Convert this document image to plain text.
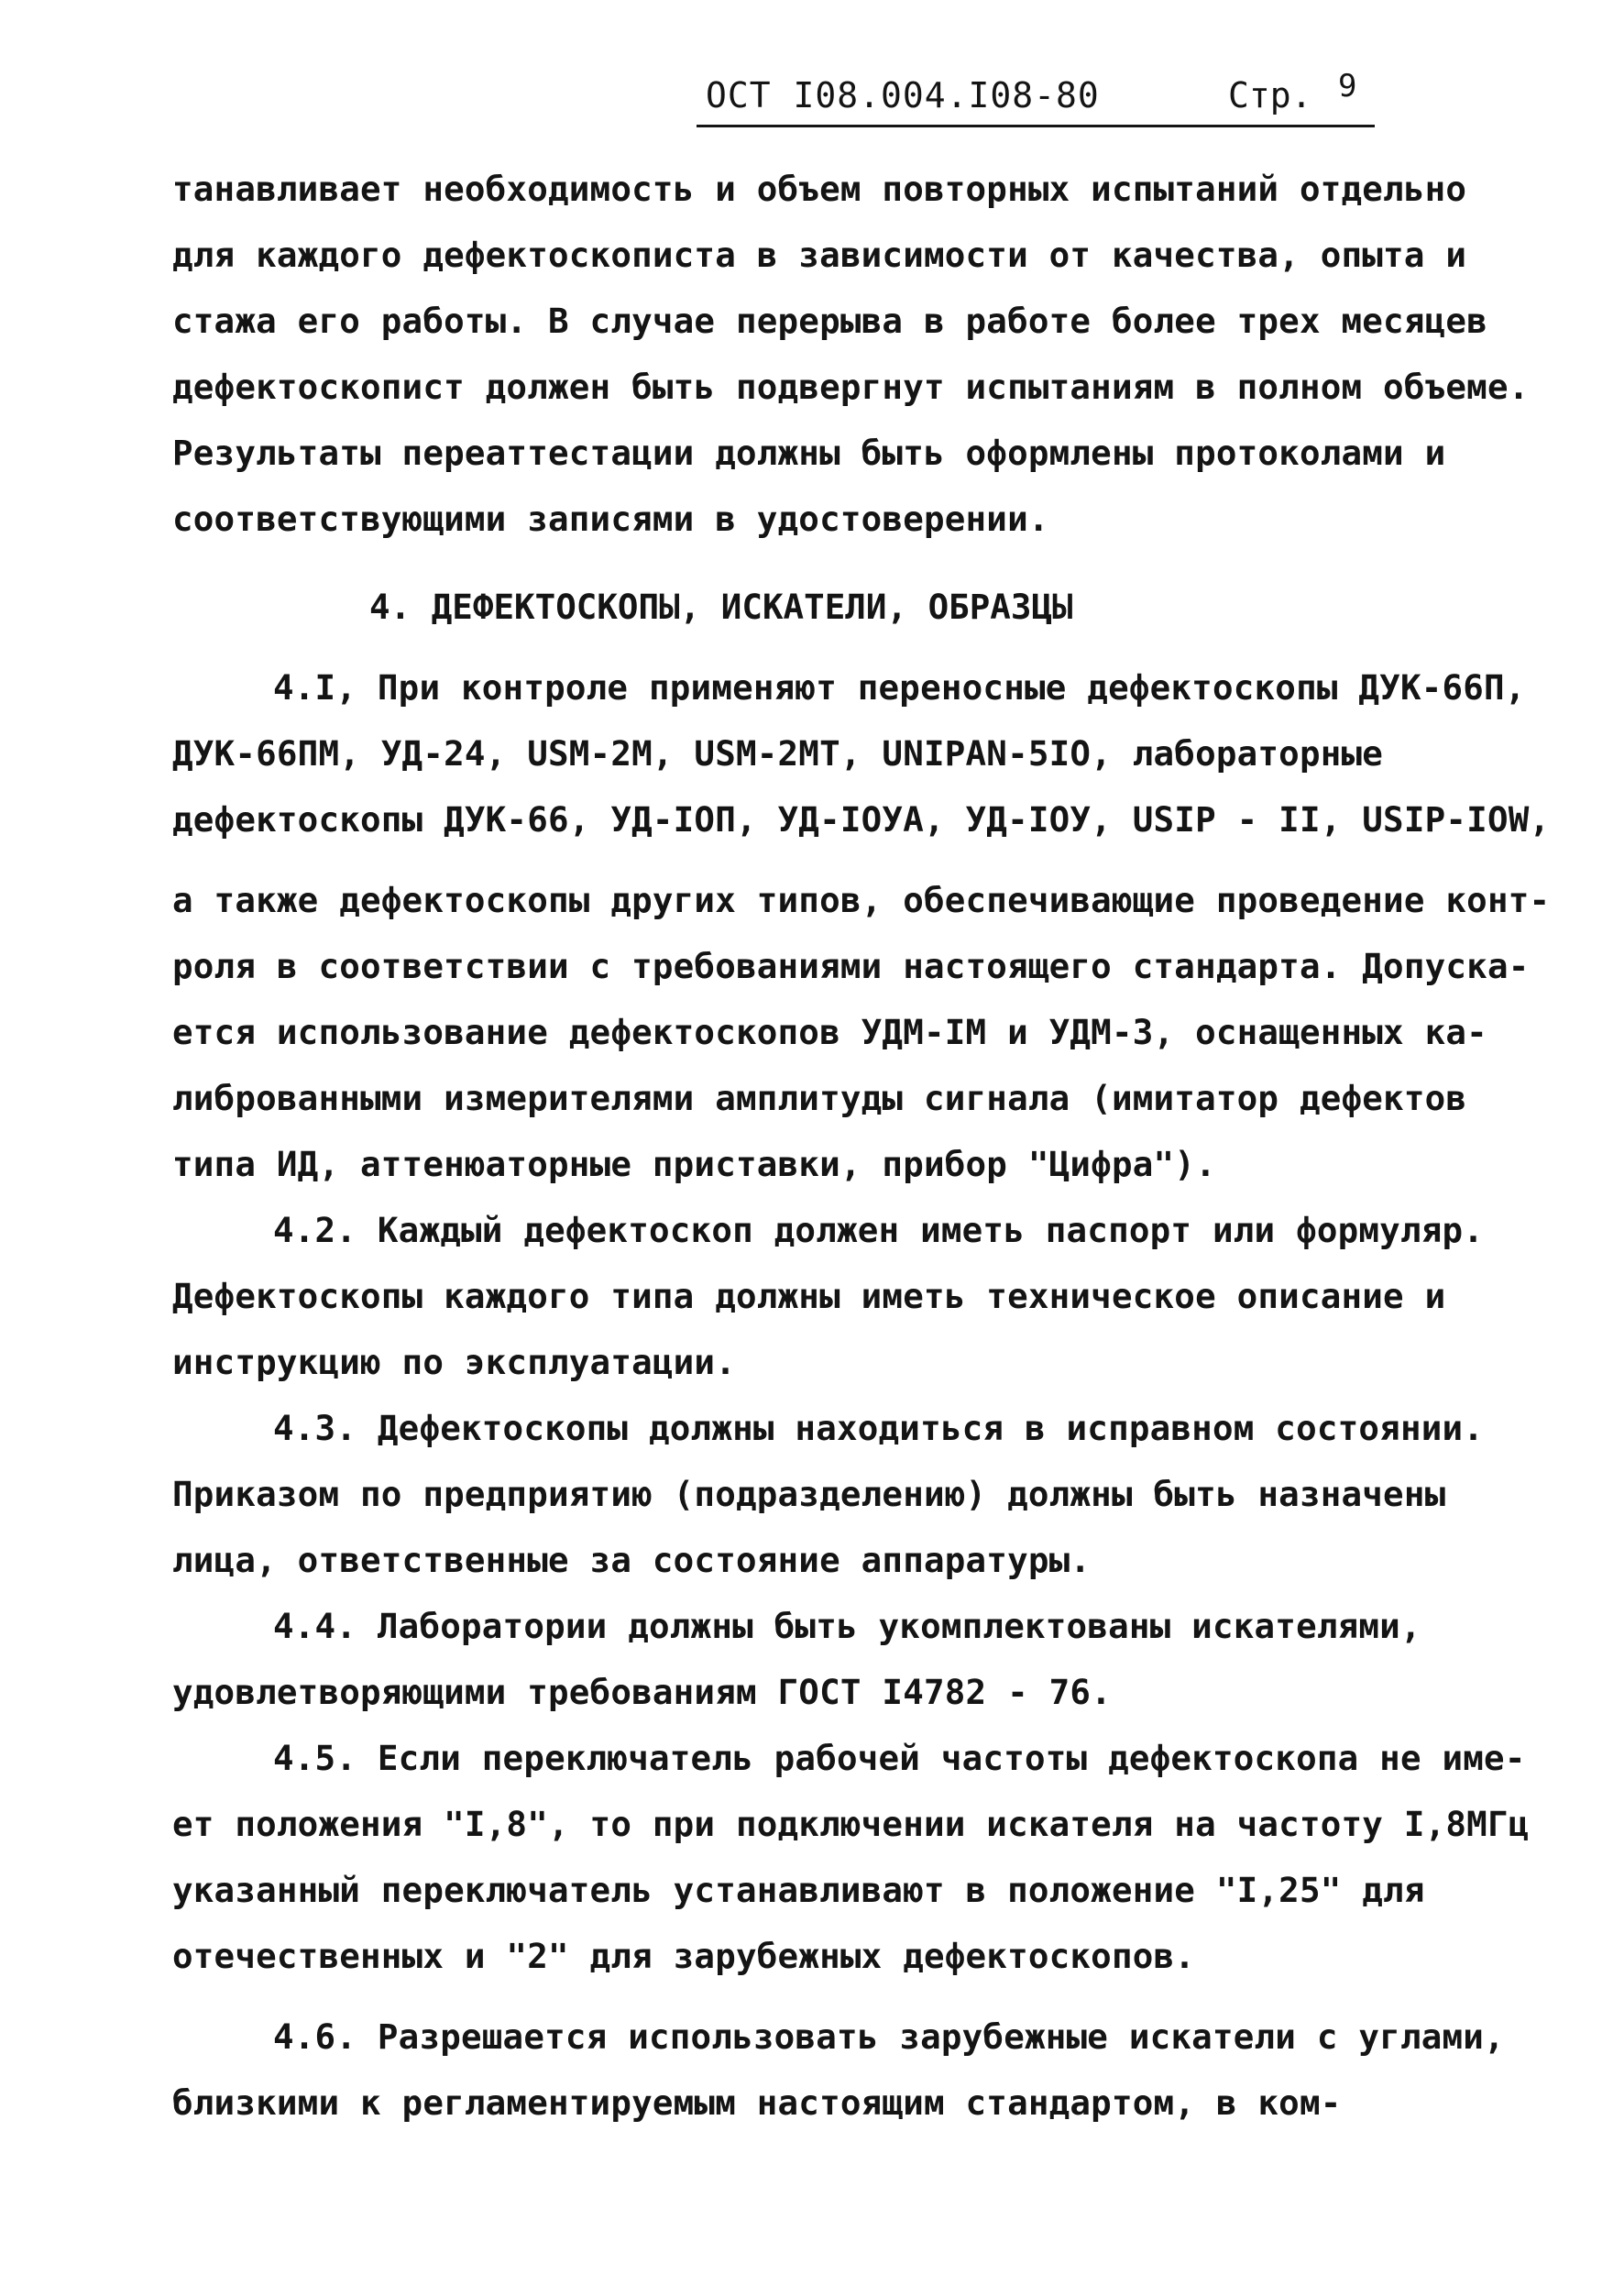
ОСТ I08.004.I08-80	Стр. 9
танавливает необходимость и объем повторных испытаний отдельно
для каждого дефектоскописта в зависимости от качества, опыта и
стажа его работы. В случае перерыва в работе более трех месяцев
дефектоскопист должен быть подвергнут испытаниям в полном объеме.
Результаты переаттестации должны быть оформлены протоколами и
соответствующими записями в удостоверении.
4. ДЕФЕКТОСКОПЫ, ИСКАТЕЛИ, ОБРАЗЦЫ
4.I, При контроле применяют переносные дефектоскопы ДУК-66П,
ДУК-66ПМ, УД-24, USM-2М, USM-2МТ, UNIPAN-5IO, лабораторные
дефектоскопы ДУК-66, УД-IOП, УД-IOУА, УД-IOУ, USIP - II, USIP-IOW,
а также дефектоскопы других типов, обеспечивающие проведение конт-
роля в соответствии с требованиями настоящего стандарта. Допуска-
ется использование дефектоскопов УДМ-IМ и УДМ-3, оснащенных ка-
либрованными измерителями амплитуды сигнала (имитатор дефектов
типа ИД, аттенюаторные приставки, прибор "Цифра").
4.2. Каждый дефектоскоп должен иметь паспорт или формуляр.
Дефектоскопы каждого типа должны иметь техническое описание и
инструкцию по эксплуатации.
4.3. Дефектоскопы должны находиться в исправном состоянии.
Приказом по предприятию (подразделению) должны быть назначены
лица, ответственные за состояние аппаратуры.
4.4. Лаборатории должны быть укомплектованы искателями,
удовлетворяющими требованиям ГОСТ I4782 - 76.
4.5. Если переключатель рабочей частоты дефектоскопа не име-
ет положения "I,8", то при подключении искателя на частоту I,8МГц
указанный переключатель устанавливают в положение "I,25" для
отечественных и "2" для зарубежных дефектоскопов.
4.6. Разрешается использовать зарубежные искатели с углами,
близкими к регламентируемым настоящим стандартом, в ком-
